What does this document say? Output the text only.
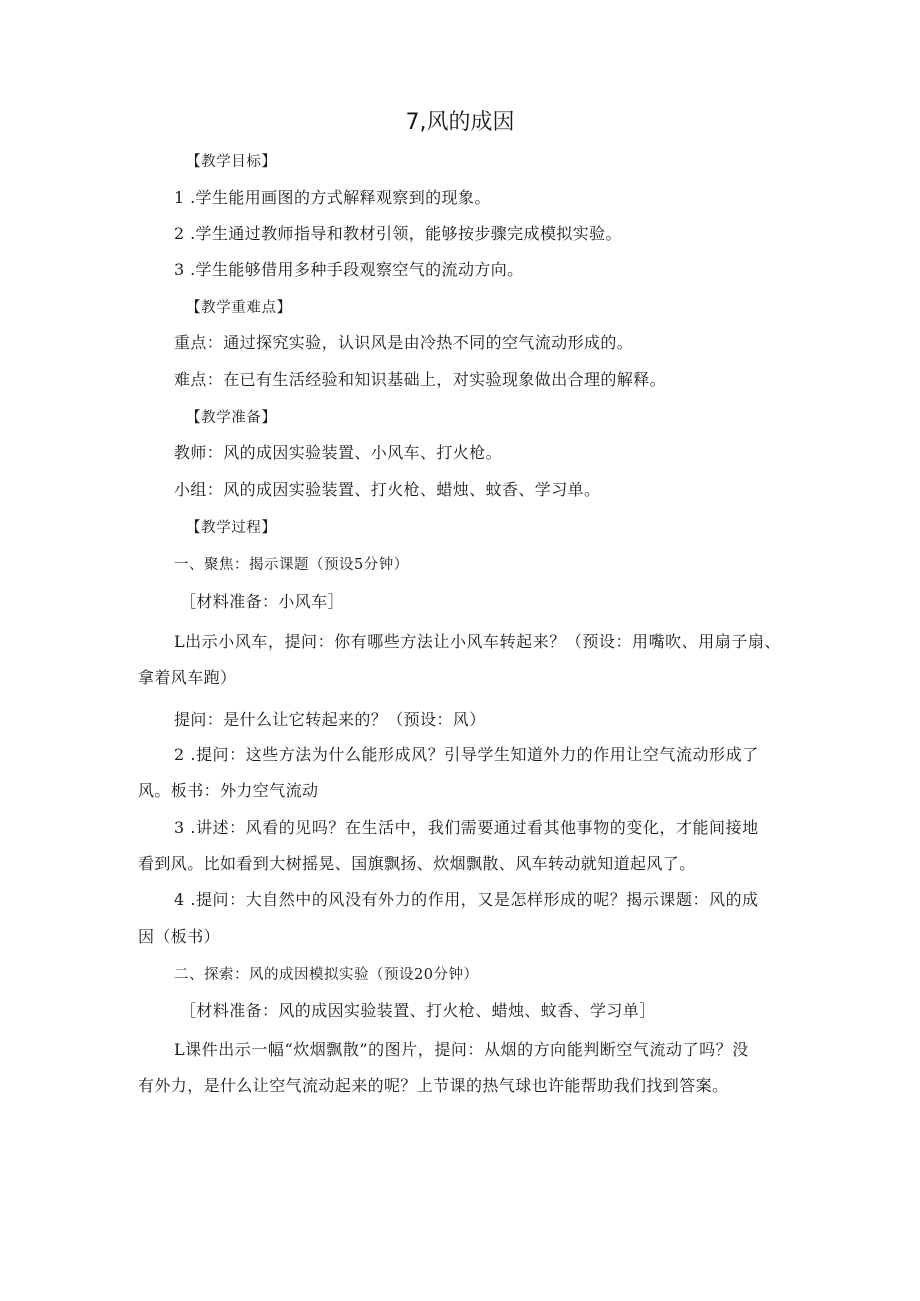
7,风的成因
【教学目标】
1 .学生能用画图的方式解释观察到的现象。
2 .学生通过教师指导和教材引领，能够按步骤完成模拟实验。
3 .学生能够借用多种手段观察空气的流动方向。
【教学重难点】
重点：通过探究实验，认识风是由冷热不同的空气流动形成的。
难点：在已有生活经验和知识基础上，对实验现象做出合理的解释。
【教学准备】
教师：风的成因实验装置、小风车、打火枪。
小组：风的成因实验装置、打火枪、蜡烛、蚊香、学习单。
【教学过程】
一、聚焦：揭示课题（预设5分钟）
［材料准备：小风车］
L出示小风车，提问：你有哪些方法让小风车转起来？（预设：用嘴吹、用扇子扇、
拿着风车跑）
提问：是什么让它转起来的？（预设：风）
2 .提问：这些方法为什么能形成风？引导学生知道外力的作用让空气流动形成了
风。板书：外力空气流动
3 .讲述：风看的见吗？在生活中，我们需要通过看其他事物的变化，才能间接地
看到风。比如看到大树摇晃、国旗飘扬、炊烟飘散、风车转动就知道起风了。
4 .提问：大自然中的风没有外力的作用，又是怎样形成的呢？揭示课题：风的成
因（板书）
二、探索：风的成因模拟实验（预设20分钟）
［材料准备：风的成因实验装置、打火枪、蜡烛、蚊香、学习单］
L课件出示一幅“炊烟飘散”的图片，提问：从烟的方向能判断空气流动了吗？没
有外力，是什么让空气流动起来的呢？上节课的热气球也许能帮助我们找到答案。
